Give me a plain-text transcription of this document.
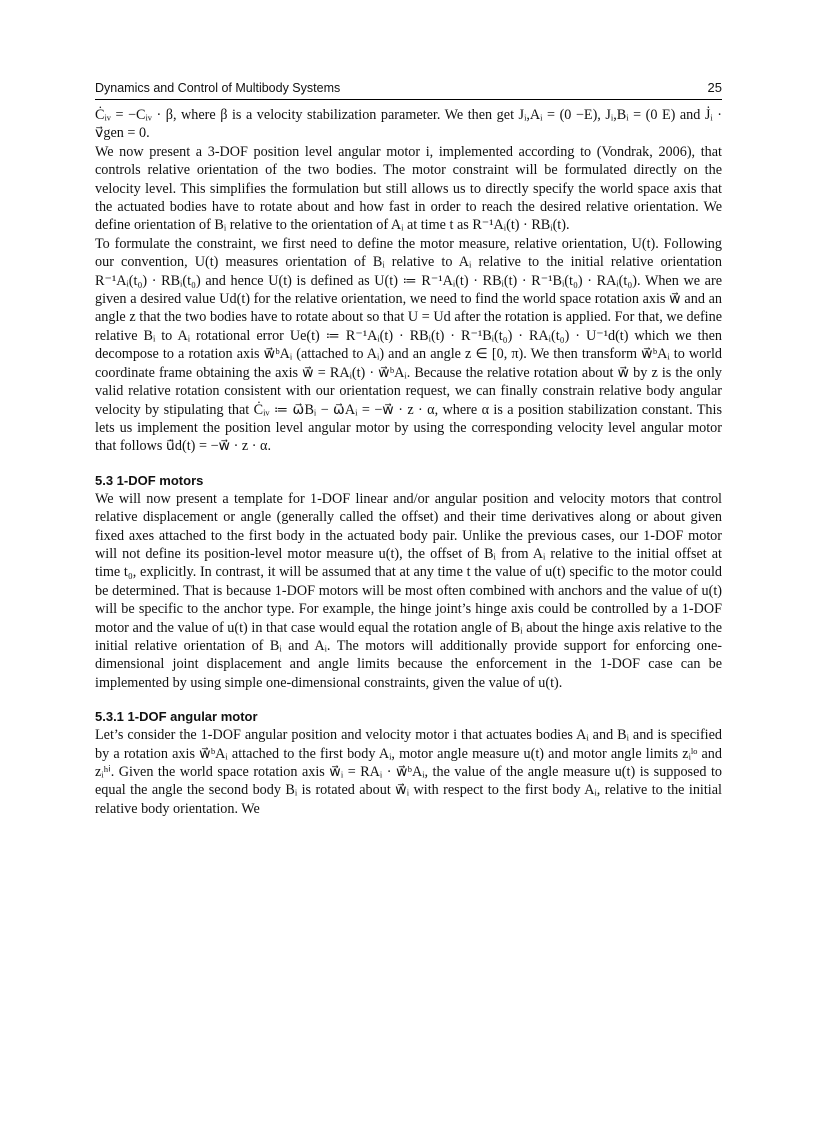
Dynamics and Control of Multibody Systems	25

Ċᵢᵥ = −Cᵢᵥ · β, where β is a velocity stabilization parameter. We then get Jᵢ,Aᵢ = (0 −E), Jᵢ,Bᵢ = (0 E) and J̇ᵢ · v⃗gen = 0.

We now present a 3-DOF position level angular motor i, implemented according to (Vondrak, 2006), that controls relative orientation of the two bodies. The motor constraint will be formulated directly on the velocity level. This simplifies the formulation but still allows us to directly specify the world space axis that the actuated bodies have to rotate about and how fast in order to reach the desired relative orientation. We define orientation of Bᵢ relative to the orientation of Aᵢ at time t as R⁻¹Aᵢ(t) · RBᵢ(t).

To formulate the constraint, we first need to define the motor measure, relative orientation, U(t). Following our convention, U(t) measures orientation of Bᵢ relative to Aᵢ relative to the initial relative orientation R⁻¹Aᵢ(t₀) · RBᵢ(t₀) and hence U(t) is defined as U(t) ≔ R⁻¹Aᵢ(t) · RBᵢ(t) · R⁻¹Bᵢ(t₀) · RAᵢ(t₀). When we are given a desired value Ud(t) for the relative orientation, we need to find the world space rotation axis w⃗ and an angle z that the two bodies have to rotate about so that U = Ud after the rotation is applied. For that, we define relative Bᵢ to Aᵢ rotational error Ue(t) ≔ R⁻¹Aᵢ(t) · RBᵢ(t) · R⁻¹Bᵢ(t₀) · RAᵢ(t₀) · U⁻¹d(t) which we then decompose to a rotation axis w⃗ᵇAᵢ (attached to Aᵢ) and an angle z ∈ [0, π). We then transform w⃗ᵇAᵢ to world coordinate frame obtaining the axis w⃗ = RAᵢ(t) · w⃗ᵇAᵢ. Because the relative rotation about w⃗ by z is the only valid relative rotation consistent with our orientation request, we can finally constrain relative body angular velocity by stipulating that Ċᵢᵥ ≔ ω⃗Bᵢ − ω⃗Aᵢ = −w⃗ · z · α, where α is a position stabilization constant. This lets us implement the position level angular motor by using the corresponding velocity level angular motor that follows u⃗̇d(t) = −w⃗ · z · α.

5.3 1-DOF motors

We will now present a template for 1-DOF linear and/or angular position and velocity motors that control relative displacement or angle (generally called the offset) and their time derivatives along or about given fixed axes attached to the first body in the actuated body pair. Unlike the previous cases, our 1-DOF motor will not define its position-level motor measure u(t), the offset of Bᵢ from Aᵢ relative to the initial offset at time t₀, explicitly. In contrast, it will be assumed that at any time t the value of u(t) specific to the motor could be determined. That is because 1-DOF motors will be most often combined with anchors and the value of u(t) will be specific to the anchor type. For example, the hinge joint’s hinge axis could be controlled by a 1-DOF motor and the value of u(t) in that case would equal the rotation angle of Bᵢ about the hinge axis relative to the initial relative orientation of Bᵢ and Aᵢ. The motors will additionally provide support for enforcing one-dimensional joint displacement and angle limits because the enforcement in the 1-DOF case can be implemented by using simple one-dimensional constraints, given the value of u(t).

5.3.1 1-DOF angular motor

Let’s consider the 1-DOF angular position and velocity motor i that actuates bodies Aᵢ and Bᵢ and is specified by a rotation axis w⃗ᵇAᵢ attached to the first body Aᵢ, motor angle measure u(t) and motor angle limits zᵢˡᵒ and zᵢʰⁱ. Given the world space rotation axis w⃗ᵢ = RAᵢ · w⃗ᵇAᵢ, the value of the angle measure u(t) is supposed to equal the angle the second body Bᵢ is rotated about w⃗ᵢ with respect to the first body Aᵢ, relative to the initial relative body orientation. We
